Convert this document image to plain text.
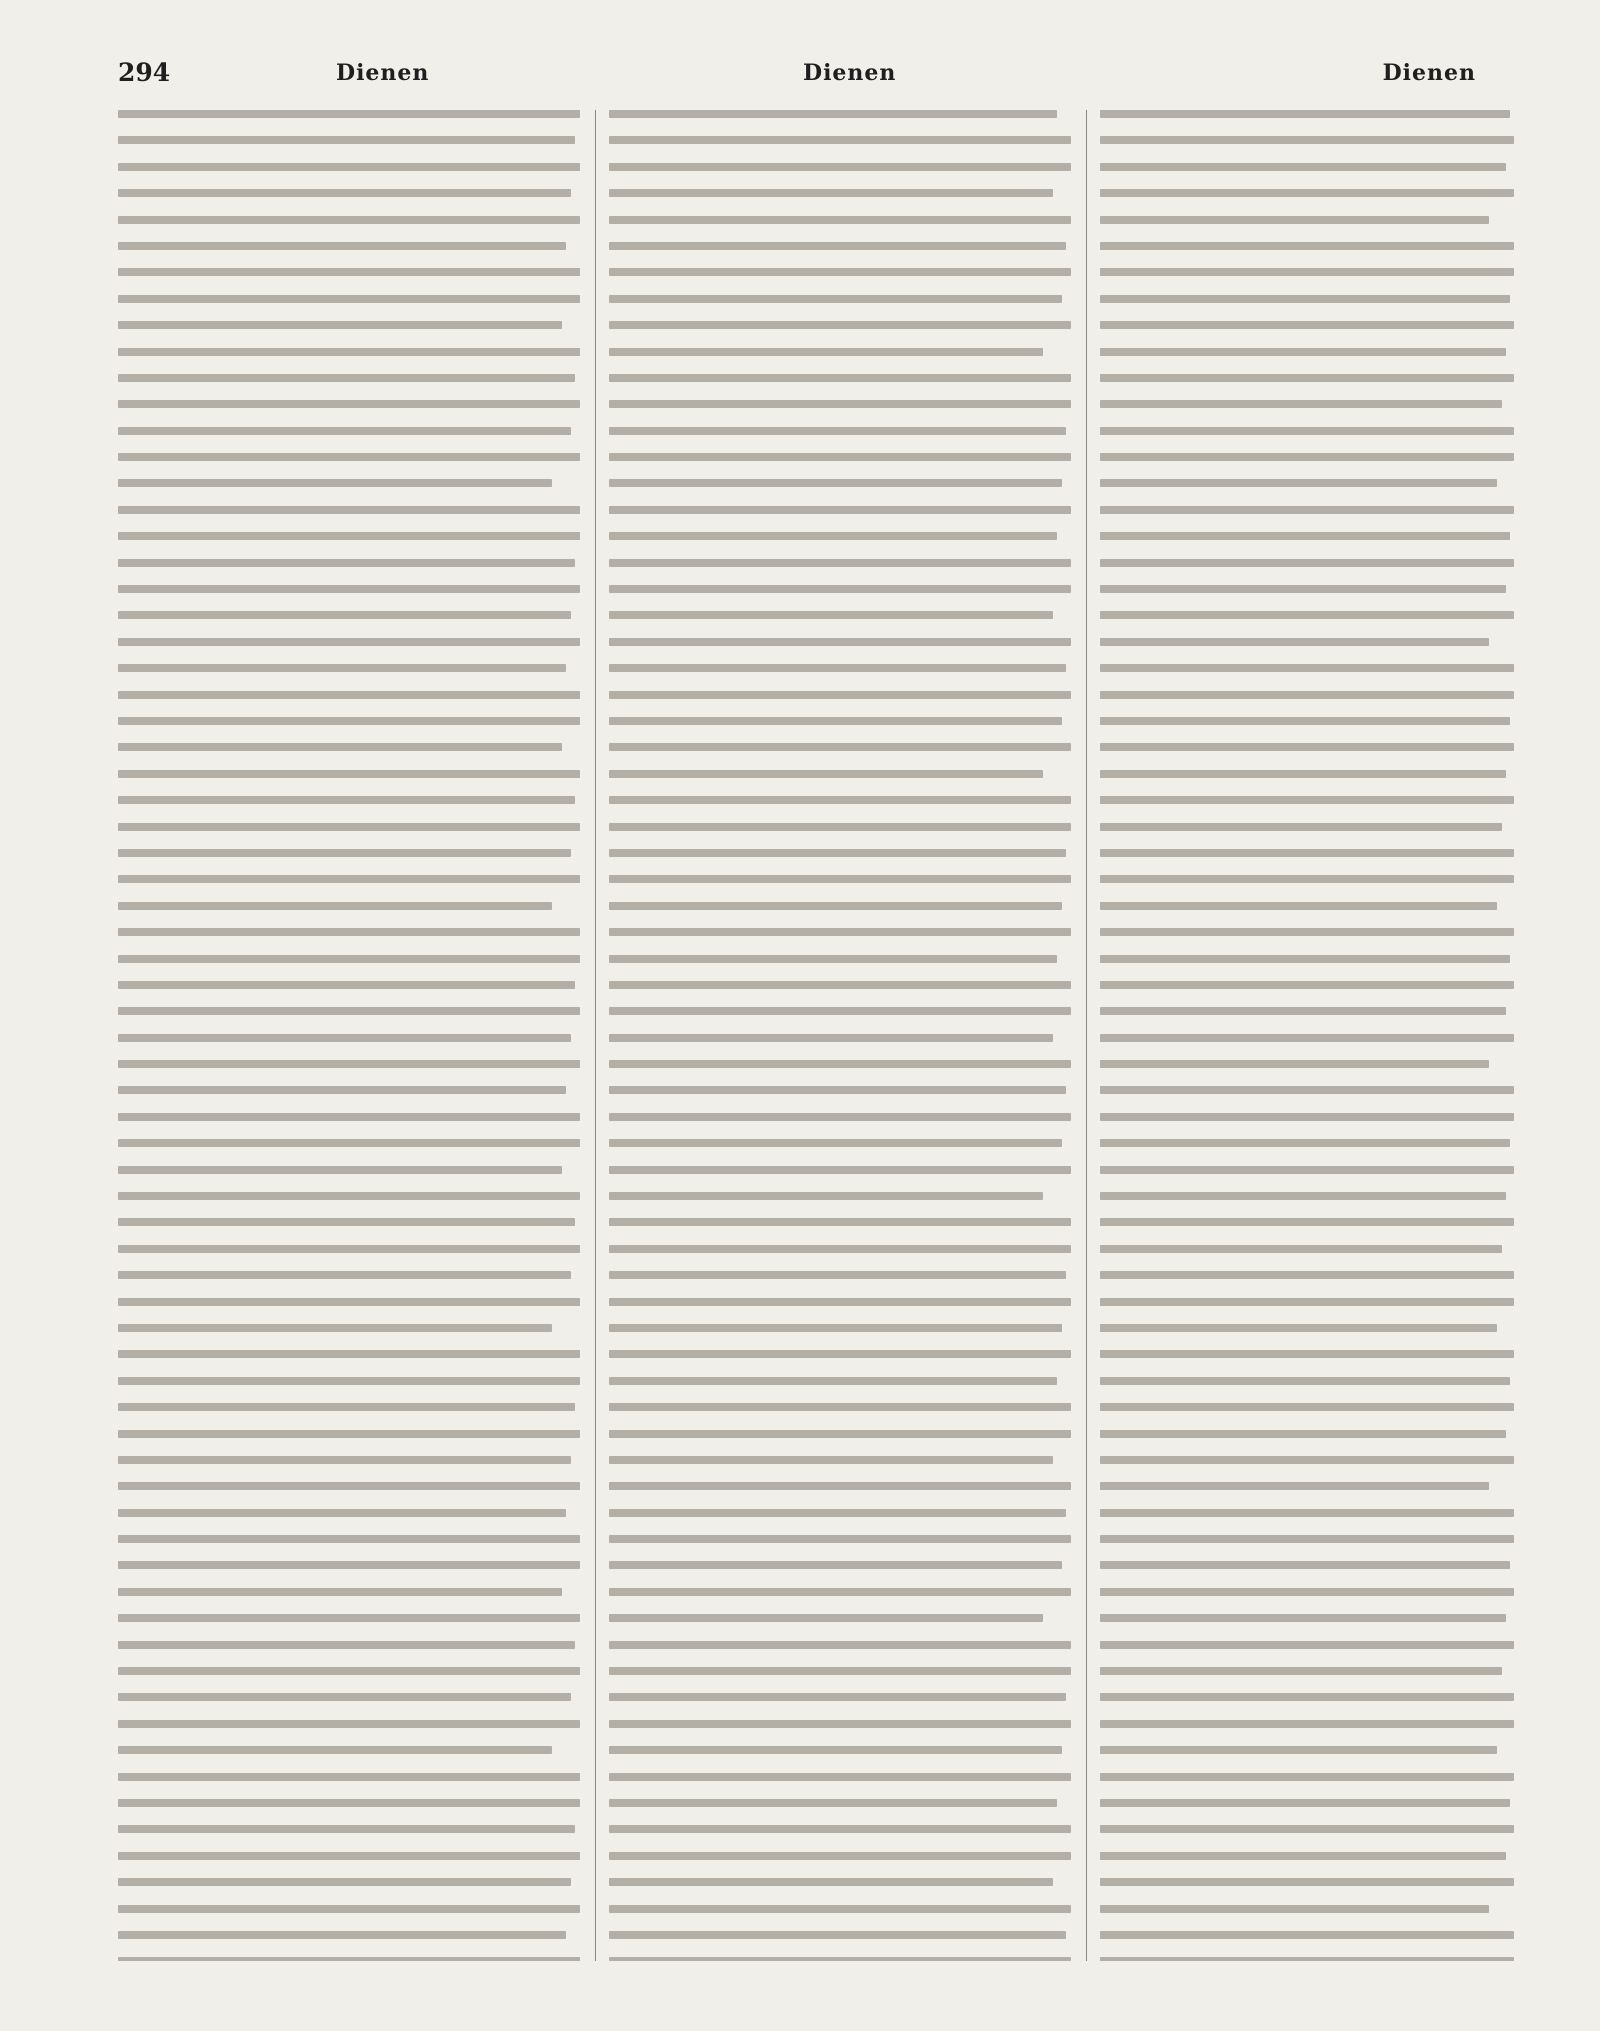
294	Dienen	Dienen	Dienen
